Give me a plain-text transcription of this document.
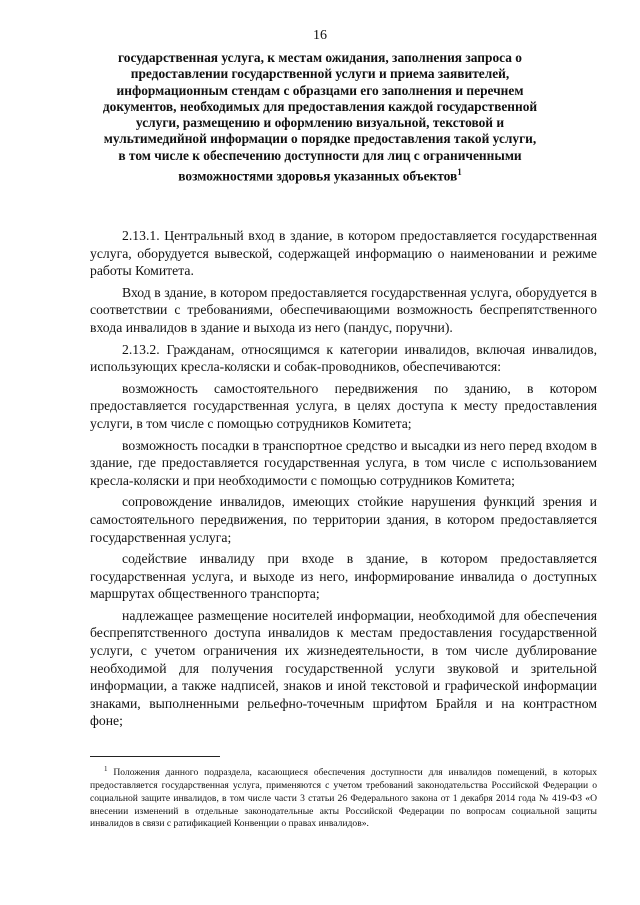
16
государственная услуга, к местам ожидания, заполнения запроса о предоставлении государственной услуги и приема заявителей, информационным стендам с образцами его заполнения и перечнем документов, необходимых для предоставления каждой государственной услуги, размещению и оформлению визуальной, текстовой и мультимедийной информации о порядке предоставления такой услуги, в том числе к обеспечению доступности для лиц с ограниченными возможностями здоровья указанных объектов$^1$

2.13.1. Центральный вход в здание, в котором предоставляется государственная услуга, оборудуется вывеской, содержащей информацию о наименовании и режиме работы Комитета.

Вход в здание, в котором предоставляется государственная услуга, оборудуется в соответствии с требованиями, обеспечивающими возможность беспрепятственного входа инвалидов в здание и выхода из него (пандус, поручни).

2.13.2. Гражданам, относящимся к категории инвалидов, включая инвалидов, использующих кресла-коляски и собак-проводников, обеспечиваются:

возможность самостоятельного передвижения по зданию, в котором предоставляется государственная услуга, в целях доступа к месту предоставления услуги, в том числе с помощью сотрудников Комитета;

возможность посадки в транспортное средство и высадки из него перед входом в здание, где предоставляется государственная услуга, в том числе с использованием кресла-коляски и при необходимости с помощью сотрудников Комитета;

сопровождение инвалидов, имеющих стойкие нарушения функций зрения и самостоятельного передвижения, по территории здания, в котором предоставляется государственная услуга;

содействие инвалиду при входе в здание, в котором предоставляется государственная услуга, и выходе из него, информирование инвалида о доступных маршрутах общественного транспорта;

надлежащее размещение носителей информации, необходимой для обеспечения беспрепятственного доступа инвалидов к местам предоставления государственной услуги, с учетом ограничения их жизнедеятельности, в том числе дублирование необходимой для получения государственной услуги звуковой и зрительной информации, а также надписей, знаков и иной текстовой и графической информации знаками, выполненными рельефно-точечным шрифтом Брайля и на контрастном фоне;

$^1$ Положения данного подраздела, касающиеся обеспечения доступности для инвалидов помещений, в которых предоставляется государственная услуга, применяются с учетом требований законодательства Российской Федерации о социальной защите инвалидов, в том числе части 3 статьи 26 Федерального закона от 1 декабря 2014 года № 419-ФЗ «О внесении изменений в отдельные законодательные акты Российской Федерации по вопросам социальной защиты инвалидов в связи с ратификацией Конвенции о правах инвалидов».
